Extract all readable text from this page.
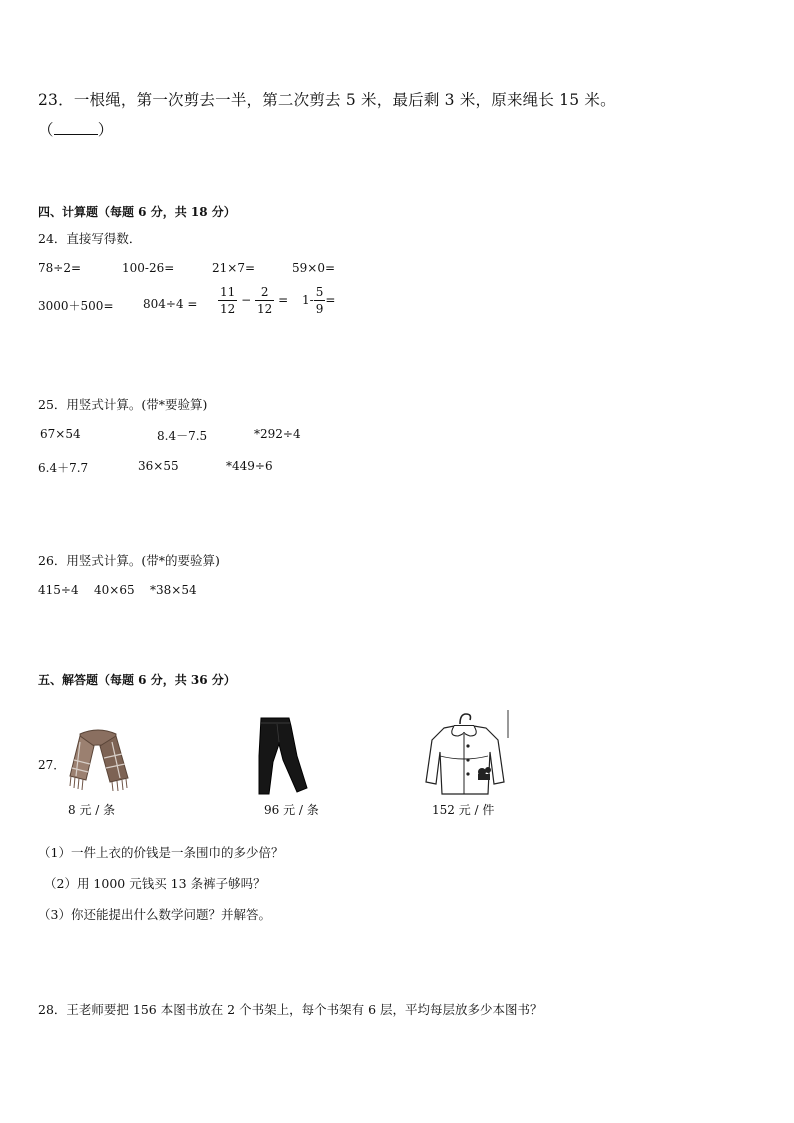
23．一根绳，第一次剪去一半，第二次剪去 5 米，最后剩 3 米，原来绳长 15 米。
（	）
四、计算题（每题 6 分，共 18 分）
24．直接写得数．
78÷2=	100-26=	21×7=	59×0=
$3000+500= 804\div 4 = \frac{11}{12} - \frac{2}{12} = 1- \frac{5}{9}$ =
25．用竖式计算。(带*要验算)
67×54	8.4－7.5	*292÷4
6.4＋7.7	36×55	*449÷6
26．用竖式计算。(带*的要验算)
415÷4 40×65 *38×54
五、解答题（每题 6 分，共 36 分）
27．
8 元 / 条	96 元 / 条	152 元 / 件
（1）一件上衣的价钱是一条围巾的多少倍？
（2）用 1000 元钱买 13 条裤子够吗？
（3）你还能提出什么数学问题？并解答。
28．王老师要把 156 本图书放在 2 个书架上，每个书架有 6 层，平均每层放多少本图书？
